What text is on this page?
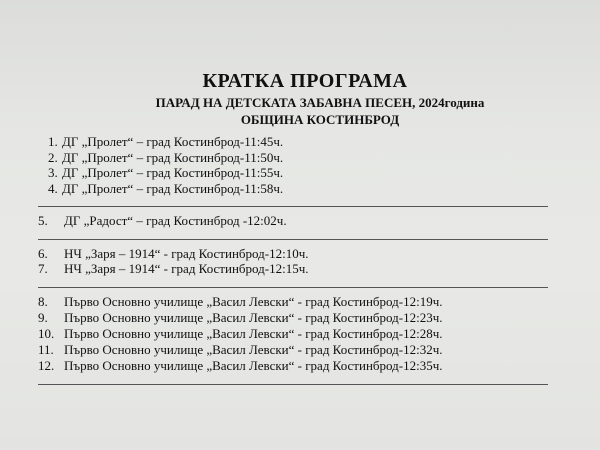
КРАТКА ПРОГРАМА
ПАРАД НА ДЕТСКАТА ЗАБАВНА ПЕСЕН, 2024година
ОБЩИНА КОСТИНБРОД
1. ДГ „Пролет“ – град Костинброд-11:45ч.
2. ДГ „Пролет“ – град Костинброд-11:50ч.
3. ДГ „Пролет“ – град Костинброд-11:55ч.
4. ДГ „Пролет“ – град Костинброд-11:58ч.
5.	ДГ „Радост“ – град Костинброд -12:02ч.
6.	НЧ „Заря – 1914“ - град Костинброд-12:10ч.
7.	НЧ „Заря – 1914“ - град Костинброд-12:15ч.
8.	Първо Основно училище „Васил Левски“ - град Костинброд-12:19ч.
9.	Първо Основно училище „Васил Левски“ - град Костинброд-12:23ч.
10. Първо Основно училище „Васил Левски“ - град Костинброд-12:28ч.
11. Първо Основно училище „Васил Левски“ - град Костинброд-12:32ч.
12. Първо Основно училище „Васил Левски“ - град Костинброд-12:35ч.
